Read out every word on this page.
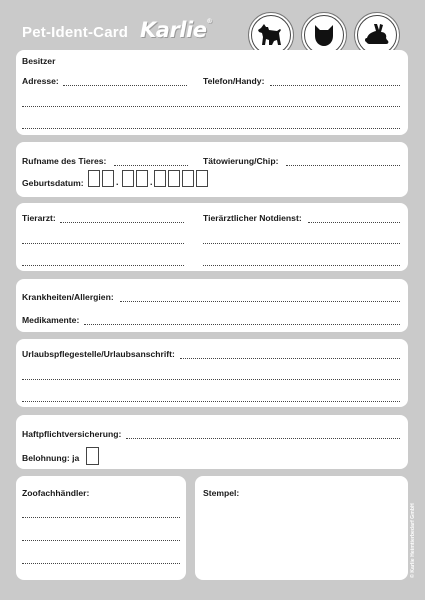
Pet-Ident-Card Karlie®
Besitzer
Adresse:	Telefon/Handy:
Rufname des Tieres:	Tätowierung/Chip:
Geburtsdatum:	.	.
Tierarzt:	Tierärztlicher Notdienst:
Krankheiten/Allergien:
Medikamente:
Urlaubspflegestelle/Urlaubsanschrift:
Haftpflichtversicherung:
Belohnung: ja
Zoofachhändler:	Stempel:
© Karlie Heimtierbedarf GmbH
